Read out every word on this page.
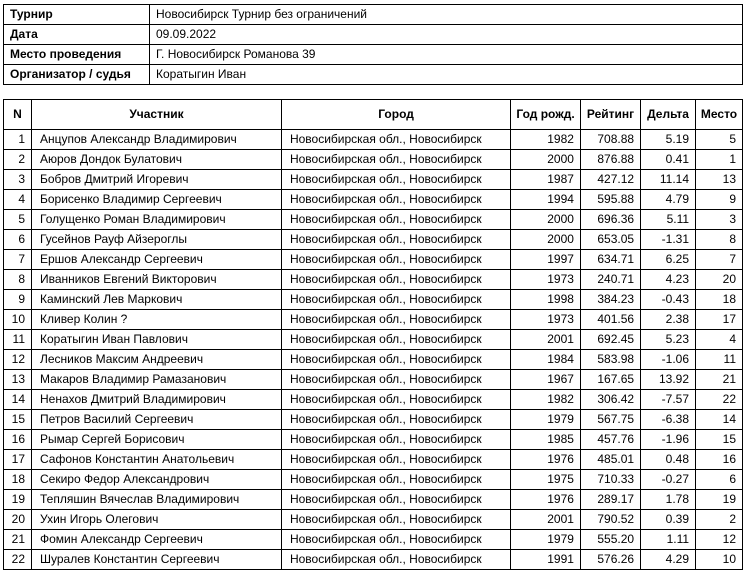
Турнир	Новосибирск Турнир без ограничений
Дата	09.09.2022
Место проведения	Г. Новосибирск Романова 39
Организатор / судья	Коратыгин Иван
N	Участник	Город	Год рожд.	Рейтинг	Дельта	Место
1	Анцупов Александр Владимирович	Новосибирская обл., Новосибирск	1982	708.88	5.19	5
2	Аюров Дондок Булатович	Новосибирская обл., Новосибирск	2000	876.88	0.41	1
3	Бобров Дмитрий Игоревич	Новосибирская обл., Новосибирск	1987	427.12	11.14	13
4	Борисенко Владимир Сергеевич	Новосибирская обл., Новосибирск	1994	595.88	4.79	9
5	Голущенко Роман Владимирович	Новосибирская обл., Новосибирск	2000	696.36	5.11	3
6	Гусейнов Рауф Айзероглы	Новосибирская обл., Новосибирск	2000	653.05	-1.31	8
7	Ершов Александр Сергеевич	Новосибирская обл., Новосибирск	1997	634.71	6.25	7
8	Иванников Евгений Викторович	Новосибирская обл., Новосибирск	1973	240.71	4.23	20
9	Каминский Лев Маркович	Новосибирская обл., Новосибирск	1998	384.23	-0.43	18
10	Кливер Колин ?	Новосибирская обл., Новосибирск	1973	401.56	2.38	17
11	Коратыгин Иван Павлович	Новосибирская обл., Новосибирск	2001	692.45	5.23	4
12	Лесников Максим Андреевич	Новосибирская обл., Новосибирск	1984	583.98	-1.06	11
13	Макаров Владимир Рамазанович	Новосибирская обл., Новосибирск	1967	167.65	13.92	21
14	Ненахов Дмитрий Владимирович	Новосибирская обл., Новосибирск	1982	306.42	-7.57	22
15	Петров Василий Сергеевич	Новосибирская обл., Новосибирск	1979	567.75	-6.38	14
16	Рымар Сергей Борисович	Новосибирская обл., Новосибирск	1985	457.76	-1.96	15
17	Сафонов Константин Анатольевич	Новосибирская обл., Новосибирск	1976	485.01	0.48	16
18	Секиро Федор Александрович	Новосибирская обл., Новосибирск	1975	710.33	-0.27	6
19	Тепляшин Вячеслав Владимирович	Новосибирская обл., Новосибирск	1976	289.17	1.78	19
20	Ухин Игорь Олегович	Новосибирская обл., Новосибирск	2001	790.52	0.39	2
21	Фомин Александр Сергеевич	Новосибирская обл., Новосибирск	1979	555.20	1.11	12
22	Шуралев Константин Сергеевич	Новосибирская обл., Новосибирск	1991	576.26	4.29	10
